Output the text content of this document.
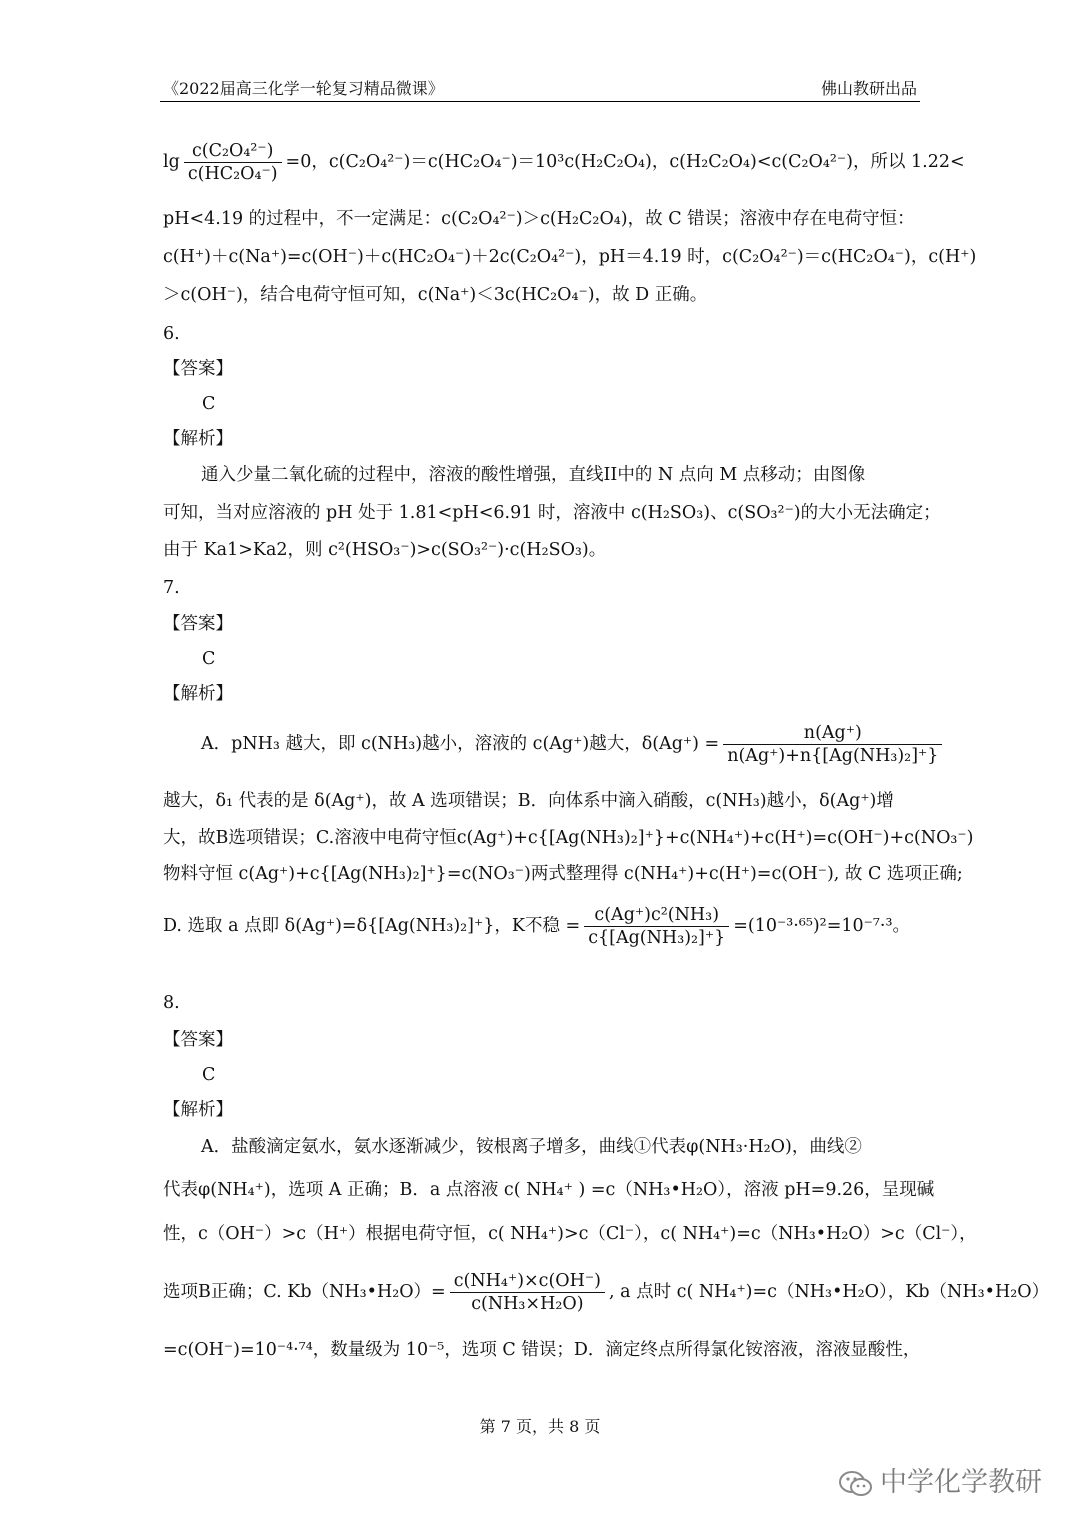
《2022届高三化学一轮复习精品微课》	佛山教研出品
$\lg \frac{\text{c(C₂O₄²⁻)}}{\text{c(HC₂O₄⁻)}} =0$，c(C₂O₄²⁻)＝c(HC₂O₄⁻)＝10³c(H₂C₂O₄)，c(H₂C₂O₄)<c(C₂O₄²⁻)，所以 1.22<
pH<4.19 的过程中，不一定满足：c(C₂O₄²⁻)＞c(H₂C₂O₄)，故 C 错误；溶液中存在电荷守恒：
c(H⁺)＋c(Na⁺)=c(OH⁻)＋c(HC₂O₄⁻)＋2c(C₂O₄²⁻)，pH＝4.19 时，c(C₂O₄²⁻)＝c(HC₂O₄⁻)，c(H⁺)
＞c(OH⁻)，结合电荷守恒可知，c(Na⁺)＜3c(HC₂O₄⁻)，故 D 正确。
6.
【答案】
C
【解析】
通入少量二氧化硫的过程中，溶液的酸性增强，直线II中的 N 点向 M 点移动；由图像
可知，当对应溶液的 pH 处于 1.81<pH<6.91 时，溶液中 c(H₂SO₃)、c(SO₃²⁻)的大小无法确定；
由于 Ka1>Ka2，则 c²(HSO₃⁻)>c(SO₃²⁻)·c(H₂SO₃)。
7.
【答案】
C
【解析】
A．pNH₃ 越大，即 c(NH₃)越小，溶液的 c(Ag⁺)越大，$\delta(Ag^+) = \frac{n(Ag^+)}{\text{n(Ag⁺)+n\{[Ag(NH₃)₂]⁺\}}}$
越大，δ₁ 代表的是 δ(Ag⁺)，故 A 选项错误；B．向体系中滴入硝酸，c(NH₃)越小，δ(Ag⁺)增
大，故B选项错误；C.溶液中电荷守恒c(Ag⁺)+c{[Ag(NH₃)₂]⁺}+c(NH₄⁺)+c(H⁺)=c(OH⁻)+c(NO₃⁻)
物料守恒 c(Ag⁺)+c{[Ag(NH₃)₂]⁺}=c(NO₃⁻)两式整理得 c(NH₄⁺)+c(H⁺)=c(OH⁻), 故 C 选项正确;
D. 选取 a 点即 δ(Ag⁺)=δ{[Ag(NH₃)₂]⁺}，K不稳 = $\frac{\text{c(Ag⁺)c²(NH₃)}}{\text{c\{[Ag(NH₃)₂]⁺\}}} =(10^{-3}\cdot^{65})^2=10^{-7}\cdot^3$。
8.
【答案】
C
【解析】
A．盐酸滴定氨水，氨水逐渐减少，铵根离子增多，曲线①代表φ(NH₃·H₂O)，曲线②
代表φ(NH₄⁺)，选项 A 正确；B．a 点溶液 c( NH₄⁺ ) =c（NH₃•H₂O），溶液 pH=9.26，呈现碱
性，c（OH⁻）>c（H⁺）根据电荷守恒，c( NH₄⁺)>c（Cl⁻），c( NH₄⁺)=c（NH₃•H₂O）>c（Cl⁻），
选项B正确；C. Kb（NH₃•H₂O）= $\frac{\text{c(NH₄⁺)×c(OH⁻)}}{\text{c(NH₃×H₂O)}}$ , a 点时 c( NH₄⁺)=c（NH₃•H₂O），Kb（NH₃•H₂O）
=c(OH⁻)=10⁻⁴·⁷⁴，数量级为 10⁻⁵，选项 C 错误；D．滴定终点所得氯化铵溶液，溶液显酸性，
第 7 页，共 8 页
中学化学教研
